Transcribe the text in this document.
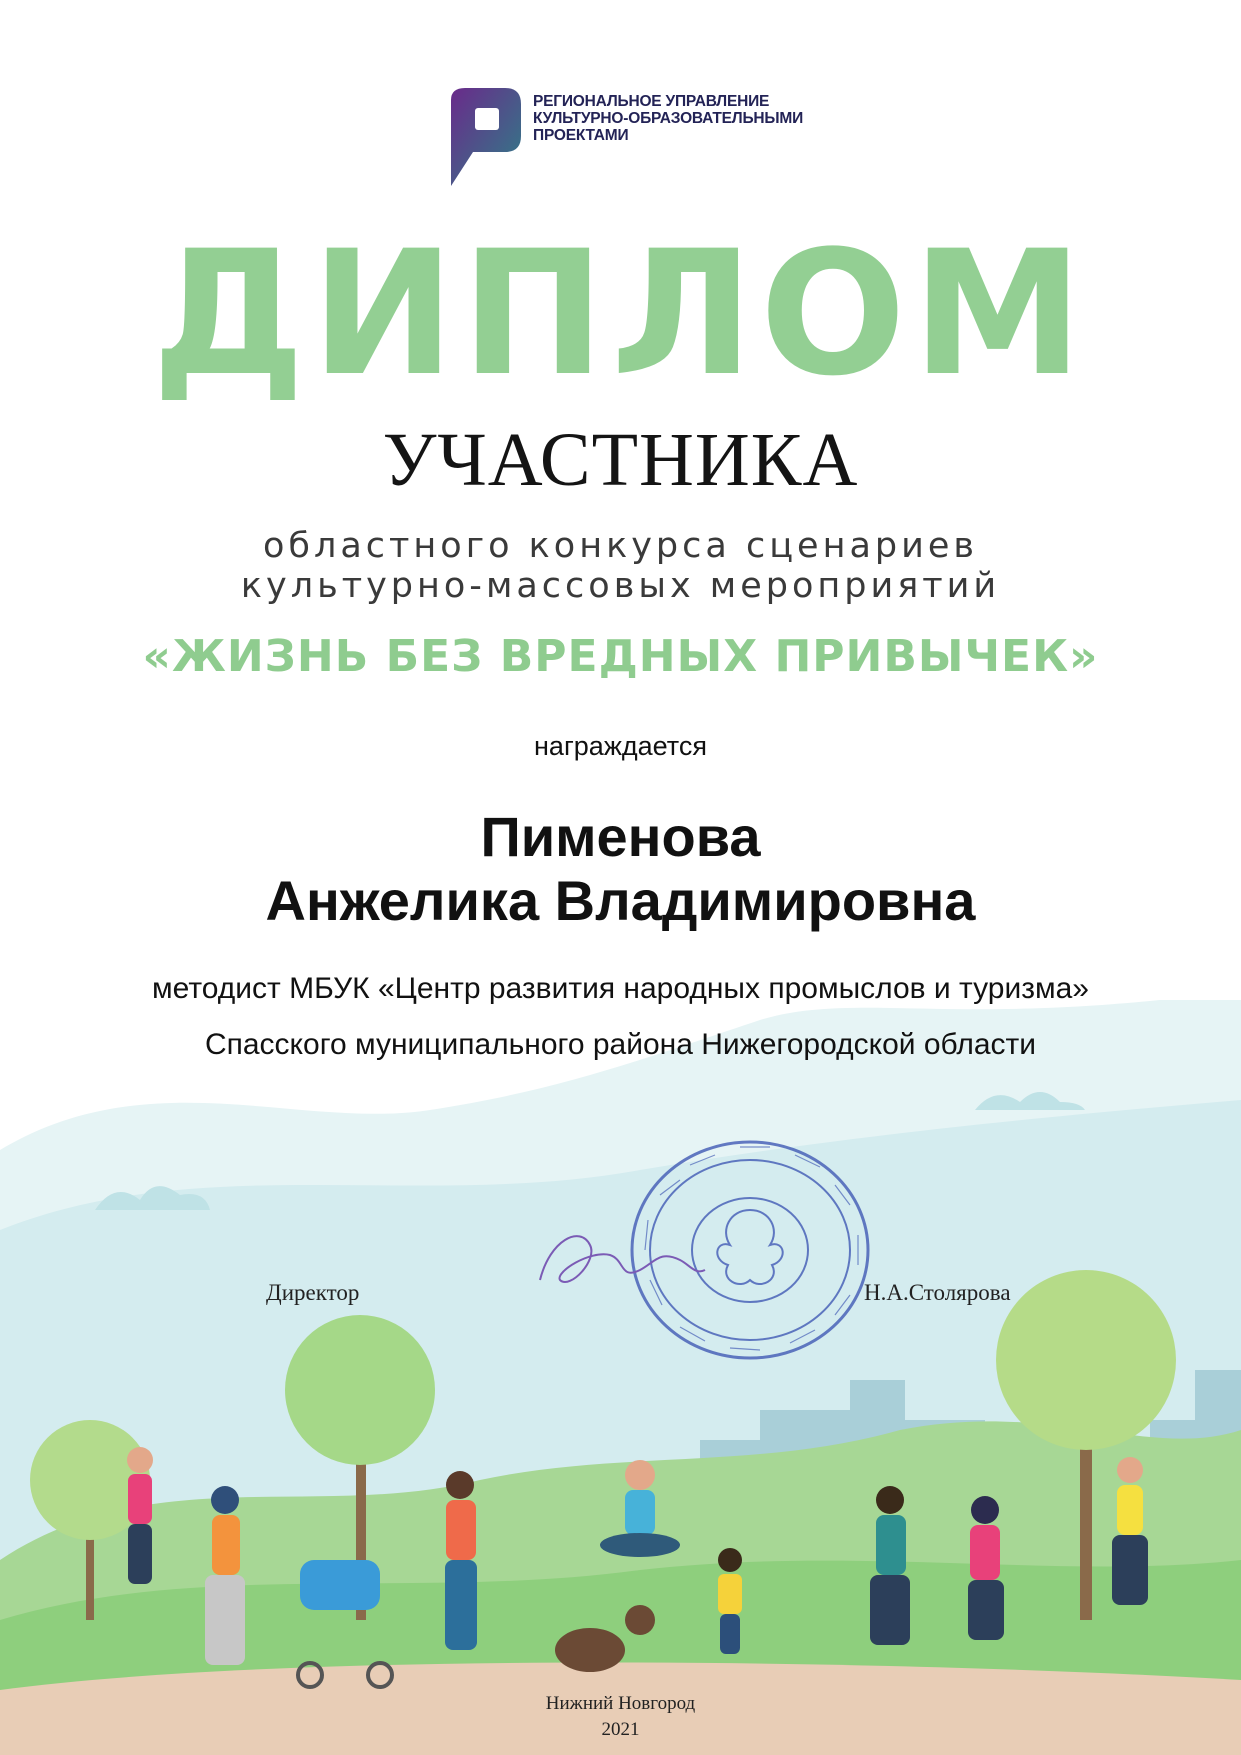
РЕГИОНАЛЬНОЕ УПРАВЛЕНИЕ
КУЛЬТУРНО-ОБРАЗОВАТЕЛЬНЫМИ
ПРОЕКТАМИ
ДИПЛОМ
УЧАСТНИКА
областного конкурса сценариев
культурно-массовых мероприятий
«ЖИЗНЬ БЕЗ ВРЕДНЫХ ПРИВЫЧЕК»
награждается
Пименова
Анжелика Владимировна
методист МБУК «Центр развития народных промыслов и туризма»
Спасского муниципального района Нижегородской области
Директор	Н.А.Столярова
Нижний Новгород
2021
